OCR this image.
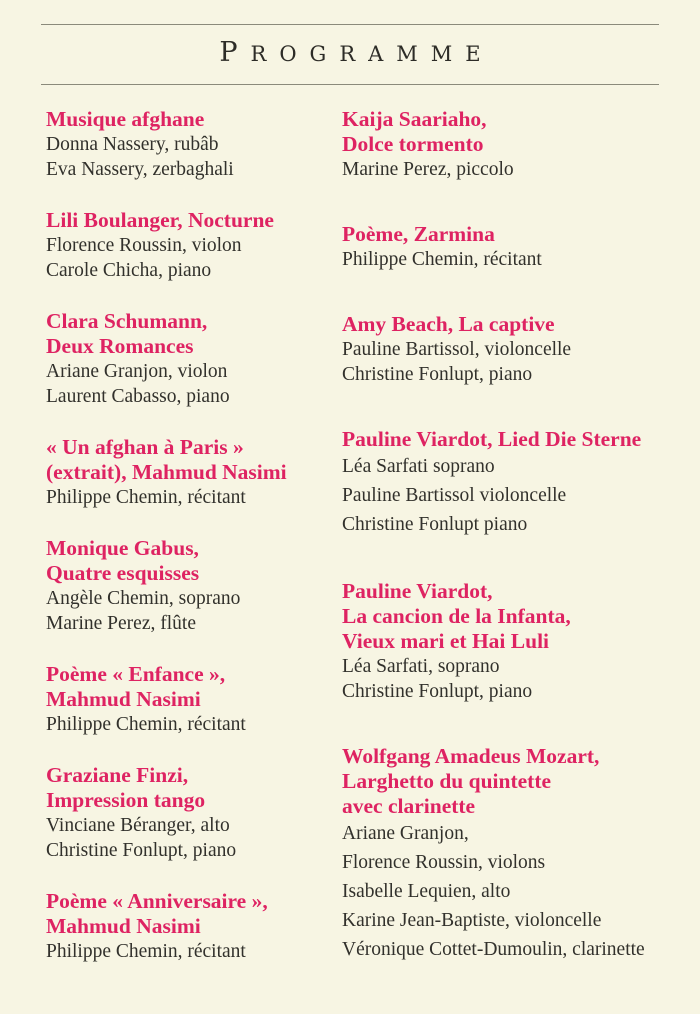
PROGRAMME
Musique afghane
Donna Nassery, rubâb
Eva Nassery, zerbaghali
Lili Boulanger, Nocturne
Florence Roussin, violon
Carole Chicha, piano
Clara Schumann,
Deux Romances
Ariane Granjon, violon
Laurent Cabasso, piano
« Un afghan à Paris »
(extrait), Mahmud Nasimi
Philippe Chemin, récitant
Monique Gabus,
Quatre esquisses
Angèle Chemin, soprano
Marine Perez, flûte
Poème « Enfance »,
Mahmud Nasimi
Philippe Chemin, récitant
Graziane Finzi,
Impression tango
Vinciane Béranger, alto
Christine Fonlupt, piano
Poème « Anniversaire »,
Mahmud Nasimi
Philippe Chemin, récitant
Kaija Saariaho,
Dolce tormento
Marine Perez, piccolo
Poème, Zarmina
Philippe Chemin, récitant
Amy Beach, La captive
Pauline Bartissol, violoncelle
Christine Fonlupt, piano
Pauline Viardot, Lied Die Sterne
Léa Sarfati soprano
Pauline Bartissol violoncelle
Christine Fonlupt piano
Pauline Viardot,
La cancion de la Infanta,
Vieux mari et Hai Luli
Léa Sarfati, soprano
Christine Fonlupt, piano
Wolfgang Amadeus Mozart,
Larghetto du quintette
avec clarinette
Ariane Granjon,
Florence Roussin, violons
Isabelle Lequien, alto
Karine Jean-Baptiste, violoncelle
Véronique Cottet-Dumoulin, clarinette
